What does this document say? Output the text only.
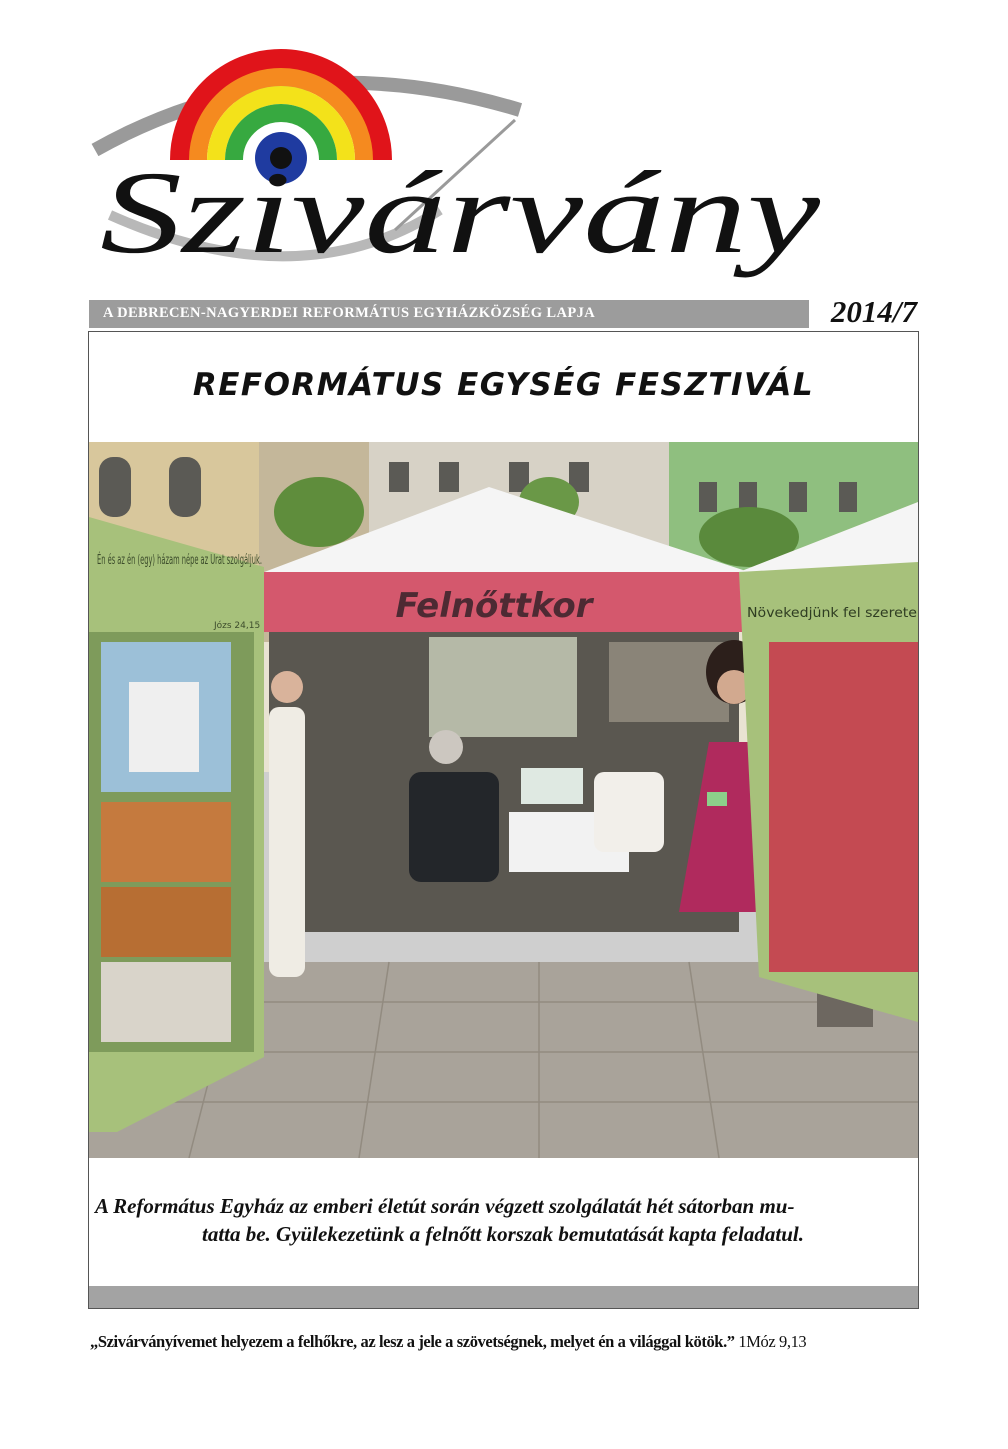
Szivárvány
A DEBRECEN-NAGYERDEI REFORMÁTUS EGYHÁZKÖZSÉG LAPJA	2014/7
REFORMÁTUS EGYSÉG FESZTIVÁL
Felnőttkor
Én és az én (egy) házam népe az Urat szolgáljuk.
Józs 24,15
Növekedjünk fel szerete
A Református Egyház az emberi életút során végzett szolgálatát hét sátorban mu-
tatta be. Gyülekezetünk a felnőtt korszak bemutatását kapta feladatul.
„Szivárványívemet helyezem a felhőkre, az lesz a jele a szövetségnek, melyet én a világgal kötök.” 1Móz 9,13
